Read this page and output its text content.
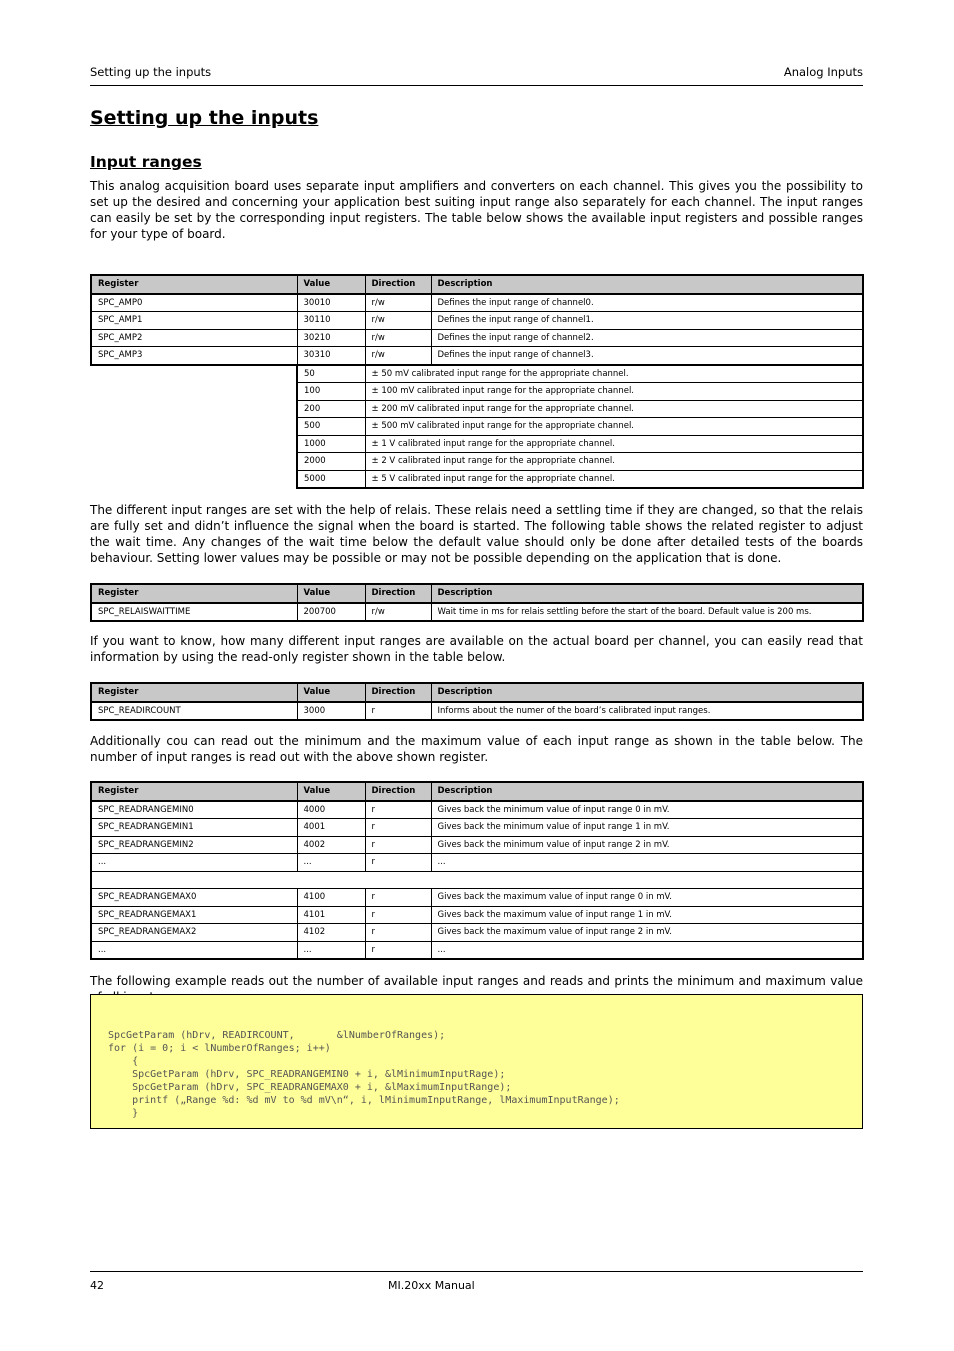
Setting up the inputs	Analog Inputs
Setting up the inputs
Input ranges

This analog acquisition board uses separate input amplifiers and converters on each channel. This gives you the possibility to set up the desired and concerning your application best suiting input range also separately for each channel. The input ranges can easily be set by the corresponding input registers. The table below shows the available input registers and possible ranges for your type of board.

Register	Value	Direction	Description
SPC_AMP0	30010	r/w	Defines the input range of channel0.
SPC_AMP1	30110	r/w	Defines the input range of channel1.
SPC_AMP2	30210	r/w	Defines the input range of channel2.
SPC_AMP3	30310	r/w	Defines the input range of channel3.
	50	± 50 mV calibrated input range for the appropriate channel.	
	100	± 100 mV calibrated input range for the appropriate channel.	
	200	± 200 mV calibrated input range for the appropriate channel.	
	500	± 500 mV calibrated input range for the appropriate channel.	
	1000	± 1 V calibrated input range for the appropriate channel.	
	2000	± 2 V calibrated input range for the appropriate channel.	
	5000	± 5 V calibrated input range for the appropriate channel.	

The different input ranges are set with the help of relais. These relais need a settling time if they are changed, so that the relais are fully set and didn’t influence the signal when the board is started. The following table shows the related register to adjust the wait time. Any changes of the wait time below the default value should only be done after detailed tests of the boards behaviour. Setting lower values may be possible or may not be possible depending on the application that is done.

Register	Value	Direction	Description
SPC_RELAISWAITTIME	200700	r/w	Wait time in ms for relais settling before the start of the board. Default value is 200 ms.

If you want to know, how many different input ranges are available on the actual board per channel, you can easily read that information by using the read-only register shown in the table below.

Register	Value	Direction	Description
SPC_READIRCOUNT	3000	r	Informs about the numer of the board’s calibrated input ranges.

Additionally cou can read out the minimum and the maximum value of each input range as shown in the table below. The number of input ranges is read out with the above shown register.

Register	Value	Direction	Description
SPC_READRANGEMIN0	4000	r	Gives back the minimum value of input range 0 in mV.
SPC_READRANGEMIN1	4001	r	Gives back the minimum value of input range 1 in mV.
SPC_READRANGEMIN2	4002	r	Gives back the minimum value of input range 2 in mV.
...	...	r	...

SPC_READRANGEMAX0	4100	r	Gives back the maximum value of input range 0 in mV.
SPC_READRANGEMAX1	4101	r	Gives back the maximum value of input range 1 in mV.
SPC_READRANGEMAX2	4102	r	Gives back the maximum value of input range 2 in mV.
...	...	r	...

The following example reads out the number of available input ranges and reads and prints the minimum and maximum value

SpcGetParam (hDrv, READIRCOUNT,       &lNumberOfRanges);
for (i = 0; i < lNumberOfRanges; i++)
{
SpcGetParam (hDrv, SPC_READRANGEMIN0 + i, &lMinimumInputRage);
SpcGetParam (hDrv, SPC_READRANGEMAX0 + i, &lMaximumInputRange);
printf („Range %d: %d mV to %d mV\n“, i, lMinimumInputRange, lMaximumInputRange);
}
42	MI.20xx Manual
